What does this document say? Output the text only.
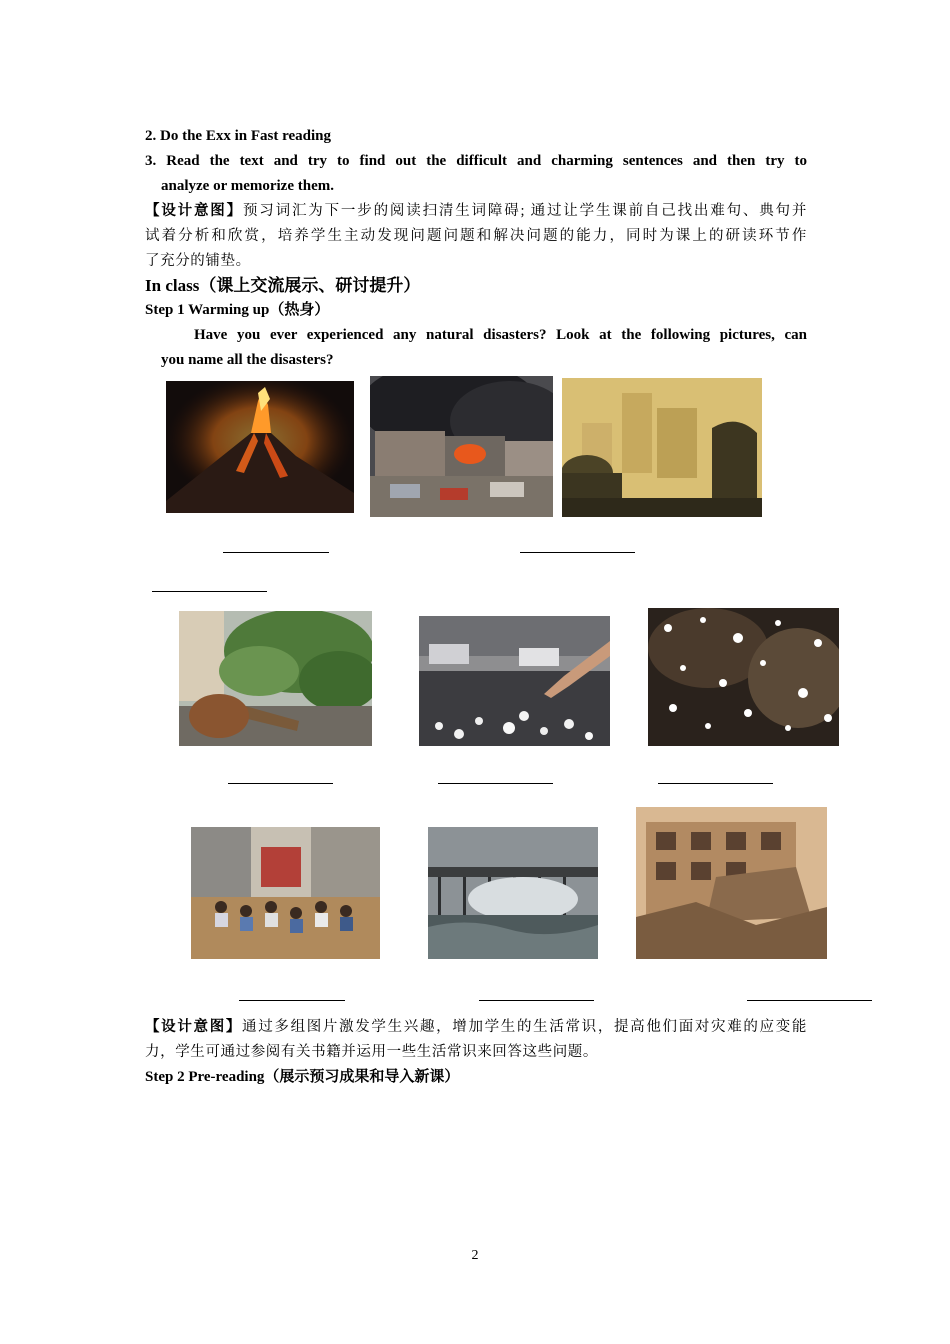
2. Do the Exx in Fast reading
3. Read the text and try to find out the difficult and charming sentences and then try to
analyze or memorize them.
【设计意图】预习词汇为下一步的阅读扫清生词障碍; 通过让学生课前自己找出难句、典句并
试着分析和欣赏，培养学生主动发现问题问题和解决问题的能力，同时为课上的研读环节作
了充分的铺垫。
In class（课上交流展示、研讨提升）
Step 1 Warming up（热身）
Have you ever experienced any natural disasters? Look at the following pictures, can
you name all the disasters?
【设计意图】通过多组图片激发学生兴趣，增加学生的生活常识，提高他们面对灾难的应变能
力，学生可通过参阅有关书籍并运用一些生活常识来回答这些问题。
Step 2 Pre-reading（展示预习成果和导入新课）
2
